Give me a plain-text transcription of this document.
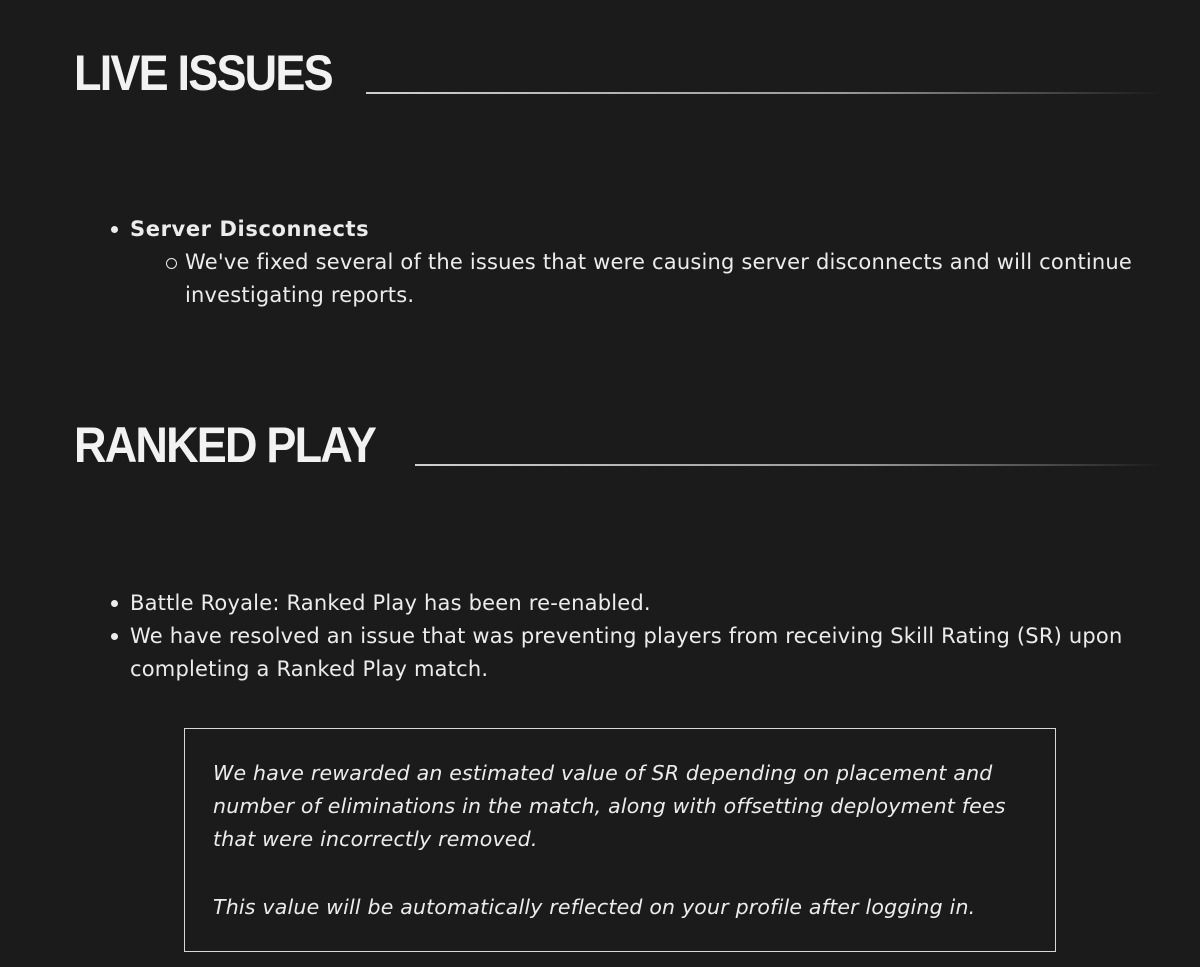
LIVE ISSUES
Server Disconnects
We've fixed several of the issues that were causing server disconnects and will continue investigating reports.
RANKED PLAY
Battle Royale: Ranked Play has been re-enabled.
We have resolved an issue that was preventing players from receiving Skill Rating (SR) upon completing a Ranked Play match.

We have rewarded an estimated value of SR depending on placement and number of eliminations in the match, along with offsetting deployment fees that were incorrectly removed.

This value will be automatically reflected on your profile after logging in.
